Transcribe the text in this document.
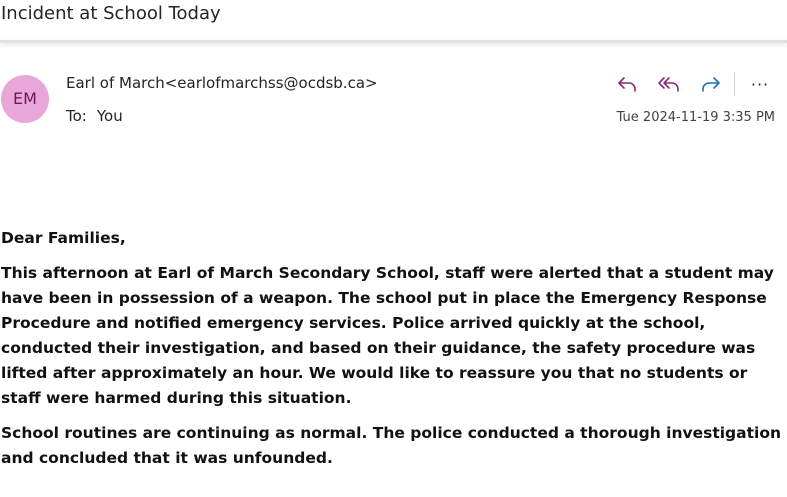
Incident at School Today
EM
Earl of March<earlofmarchss@ocdsb.ca>
To: You
···
Tue 2024-11-19 3:35 PM

Dear Families,

This afternoon at Earl of March Secondary School, staff were alerted that a student may have been in possession of a weapon. The school put in place the Emergency Response Procedure and notified emergency services. Police arrived quickly at the school, conducted their investigation, and based on their guidance, the safety procedure was lifted after approximately an hour. We would like to reassure you that no students or staff were harmed during this situation.

School routines are continuing as normal. The police conducted a thorough investigation and concluded that it was unfounded.
